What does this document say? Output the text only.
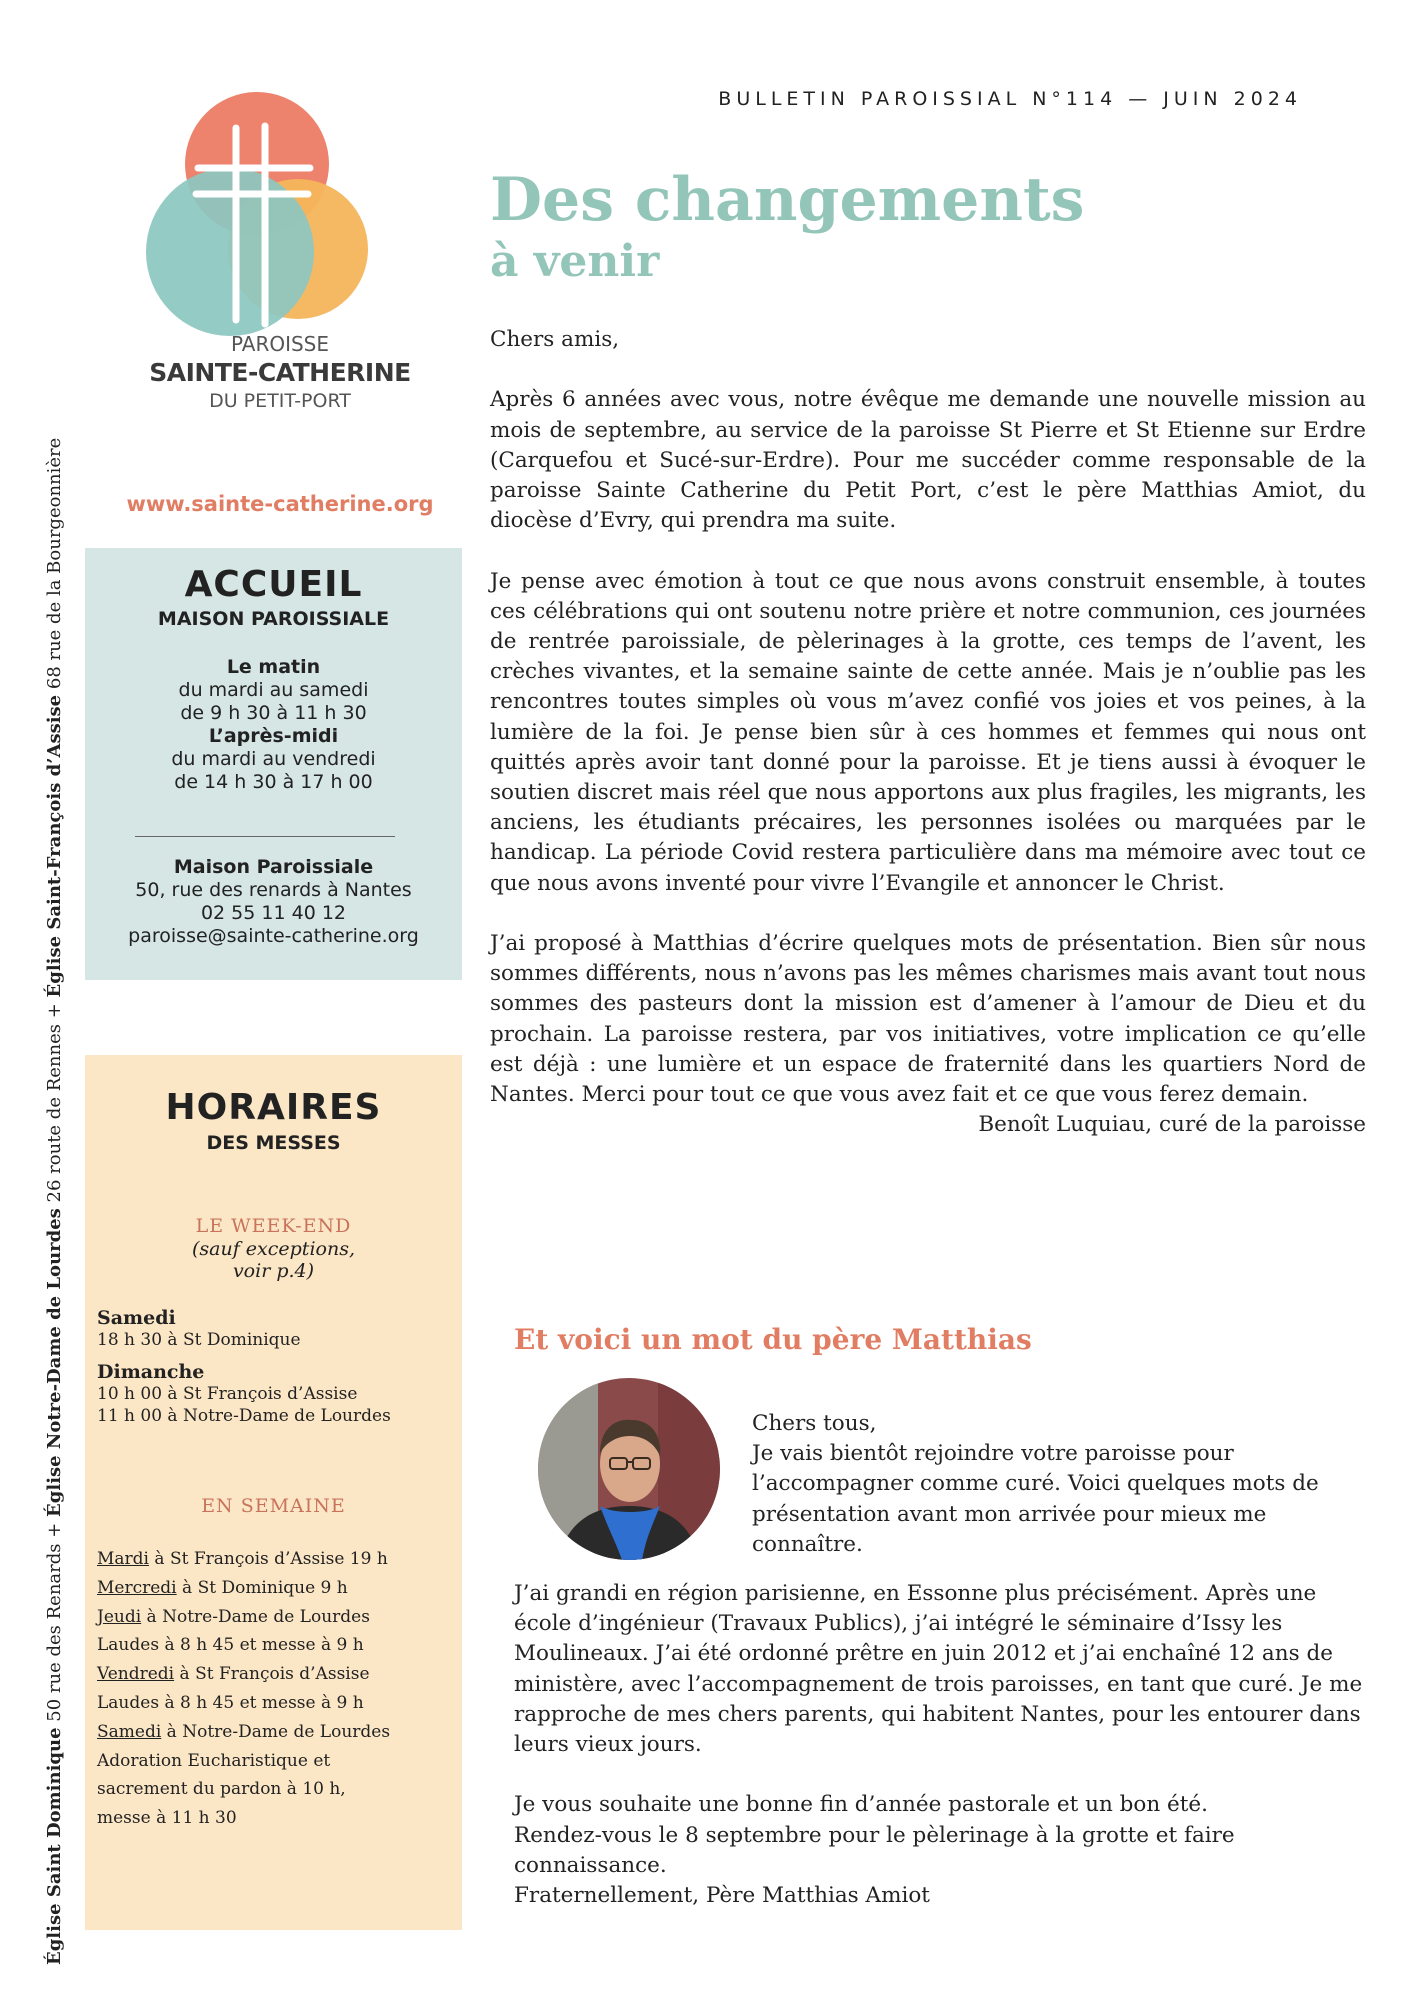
Église Saint Dominique 50 rue des Renards + Église Notre-Dame de Lourdes 26 route de Rennes + Église Saint-François d’Assise 68 rue de la Bourgeonnière
PAROISSE
SAINTE-CATHERINE
DU PETIT-PORT
www.sainte-catherine.org
ACCUEIL
MAISON PAROISSIALE
Le matin
du mardi au samedi
de 9 h 30 à 11 h 30
L’après-midi
du mardi au vendredi
de 14 h 30 à 17 h 00
Maison Paroissiale
50, rue des renards à Nantes
02 55 11 40 12
paroisse@sainte-catherine.org
HORAIRES
DES MESSES
LE WEEK-END
(sauf exceptions,
voir p.4)
Samedi
18 h 30 à St Dominique
Dimanche
10 h 00 à St François d’Assise
11 h 00 à Notre-Dame de Lourdes
EN SEMAINE
Mardi à St François d’Assise 19 h
Mercredi à St Dominique 9 h
Jeudi à Notre-Dame de Lourdes
Laudes à 8 h 45 et messe à 9 h
Vendredi à St François d’Assise
Laudes à 8 h 45 et messe à 9 h
Samedi à Notre-Dame de Lourdes
Adoration Eucharistique et
sacrement du pardon à 10 h,
messe à 11 h 30
BULLETIN PAROISSIAL N°114 — JUIN 2024
Des changements
à venir

Chers amis,

Après 6 années avec vous, notre évêque me demande une nouvelle mission au mois de septembre, au service de la paroisse St Pierre et St Etienne sur Erdre (Carquefou et Sucé-sur-Erdre). Pour me succéder comme responsable de la paroisse Sainte Catherine du Petit Port, c’est le père Matthias Amiot, du diocèse d’Evry, qui prendra ma suite.

Je pense avec émotion à tout ce que nous avons construit ensemble, à toutes ces célébrations qui ont soutenu notre prière et notre communion, ces journées de rentrée paroissiale, de pèlerinages à la grotte, ces temps de l’avent, les crèches vivantes, et la semaine sainte de cette année. Mais je n’oublie pas les rencontres toutes simples où vous m’avez confié vos joies et vos peines, à la lumière de la foi. Je pense bien sûr à ces hommes et femmes qui nous ont quittés après avoir tant donné pour la paroisse. Et je tiens aussi à évoquer le soutien discret mais réel que nous apportons aux plus fragiles, les migrants, les anciens, les étudiants précaires, les personnes isolées ou marquées par le handicap. La période Covid restera particulière dans ma mémoire avec tout ce que nous avons inventé pour vivre l’Evangile et annoncer le Christ.

J’ai proposé à Matthias d’écrire quelques mots de présentation. Bien sûr nous sommes différents, nous n’avons pas les mêmes charismes mais avant tout nous sommes des pasteurs dont la mission est d’amener à l’amour de Dieu et du prochain. La paroisse restera, par vos initiatives, votre implication ce qu’elle est déjà : une lumière et un espace de fraternité dans les quartiers Nord de Nantes. Merci pour tout ce que vous avez fait et ce que vous ferez demain.

Benoît Luquiau, curé de la paroisse

Et voici un mot du père Matthias
Chers tous,
Je vais bientôt rejoindre votre paroisse pour l’accompagner comme curé. Voici quelques mots de présentation avant mon arrivée pour mieux me connaître.

J’ai grandi en région parisienne, en Essonne plus précisément. Après une école d’ingénieur (Travaux Publics), j’ai intégré le séminaire d’Issy les Moulineaux. J’ai été ordonné prêtre en juin 2012 et j’ai enchaîné 12 ans de ministère, avec l’accompagnement de trois paroisses, en tant que curé. Je me rapproche de mes chers parents, qui habitent Nantes, pour les entourer dans leurs vieux jours.

Je vous souhaite une bonne fin d’année pastorale et un bon été.
Rendez-vous le 8 septembre pour le pèlerinage à la grotte et faire connaissance.
Fraternellement, Père Matthias Amiot
